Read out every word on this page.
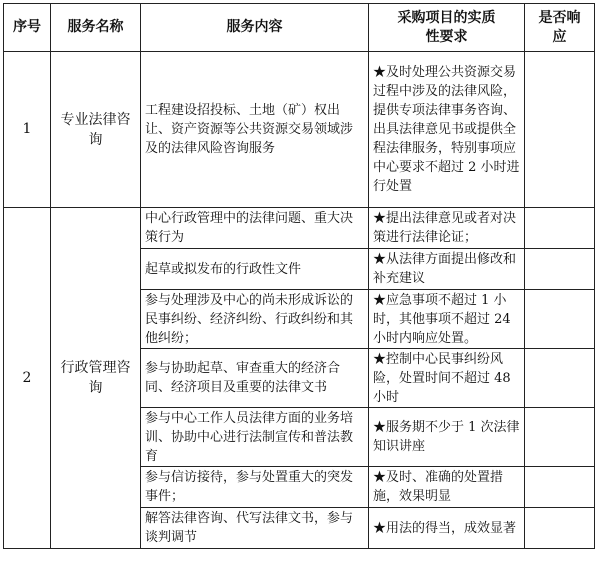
序号	服务名称	服务内容	采购项目的实质性要求	是否响应
1	专业法律咨询	工程建设招投标、土地（矿）权出让、资产资源等公共资源交易领域涉及的法律风险咨询服务	★及时处理公共资源交易过程中涉及的法律风险，提供专项法律事务咨询、出具法律意见书或提供全程法律服务，特别事项应中心要求不超过 2 小时进行处置	
2	行政管理咨询	中心行政管理中的法律问题、重大决策行为	★提出法律意见或者对决策进行法律论证；	
		起草或拟发布的行政性文件	★从法律方面提出修改和补充建议	
		参与处理涉及中心的尚未形成诉讼的民事纠纷、经济纠纷、行政纠纷和其他纠纷；	★应急事项不超过 1 小时，其他事项不超过 24 小时内响应处置。	
		参与协助起草、审查重大的经济合同、经济项目及重要的法律文书	★控制中心民事纠纷风险，处置时间不超过 48 小时	
		参与中心工作人员法律方面的业务培训、协助中心进行法制宣传和普法教育	★服务期不少于 1 次法律知识讲座	
		参与信访接待，参与处置重大的突发事件；	★及时、准确的处置措施，效果明显	
		解答法律咨询、代写法律文书，参与谈判调节	★用法的得当，成效显著	
